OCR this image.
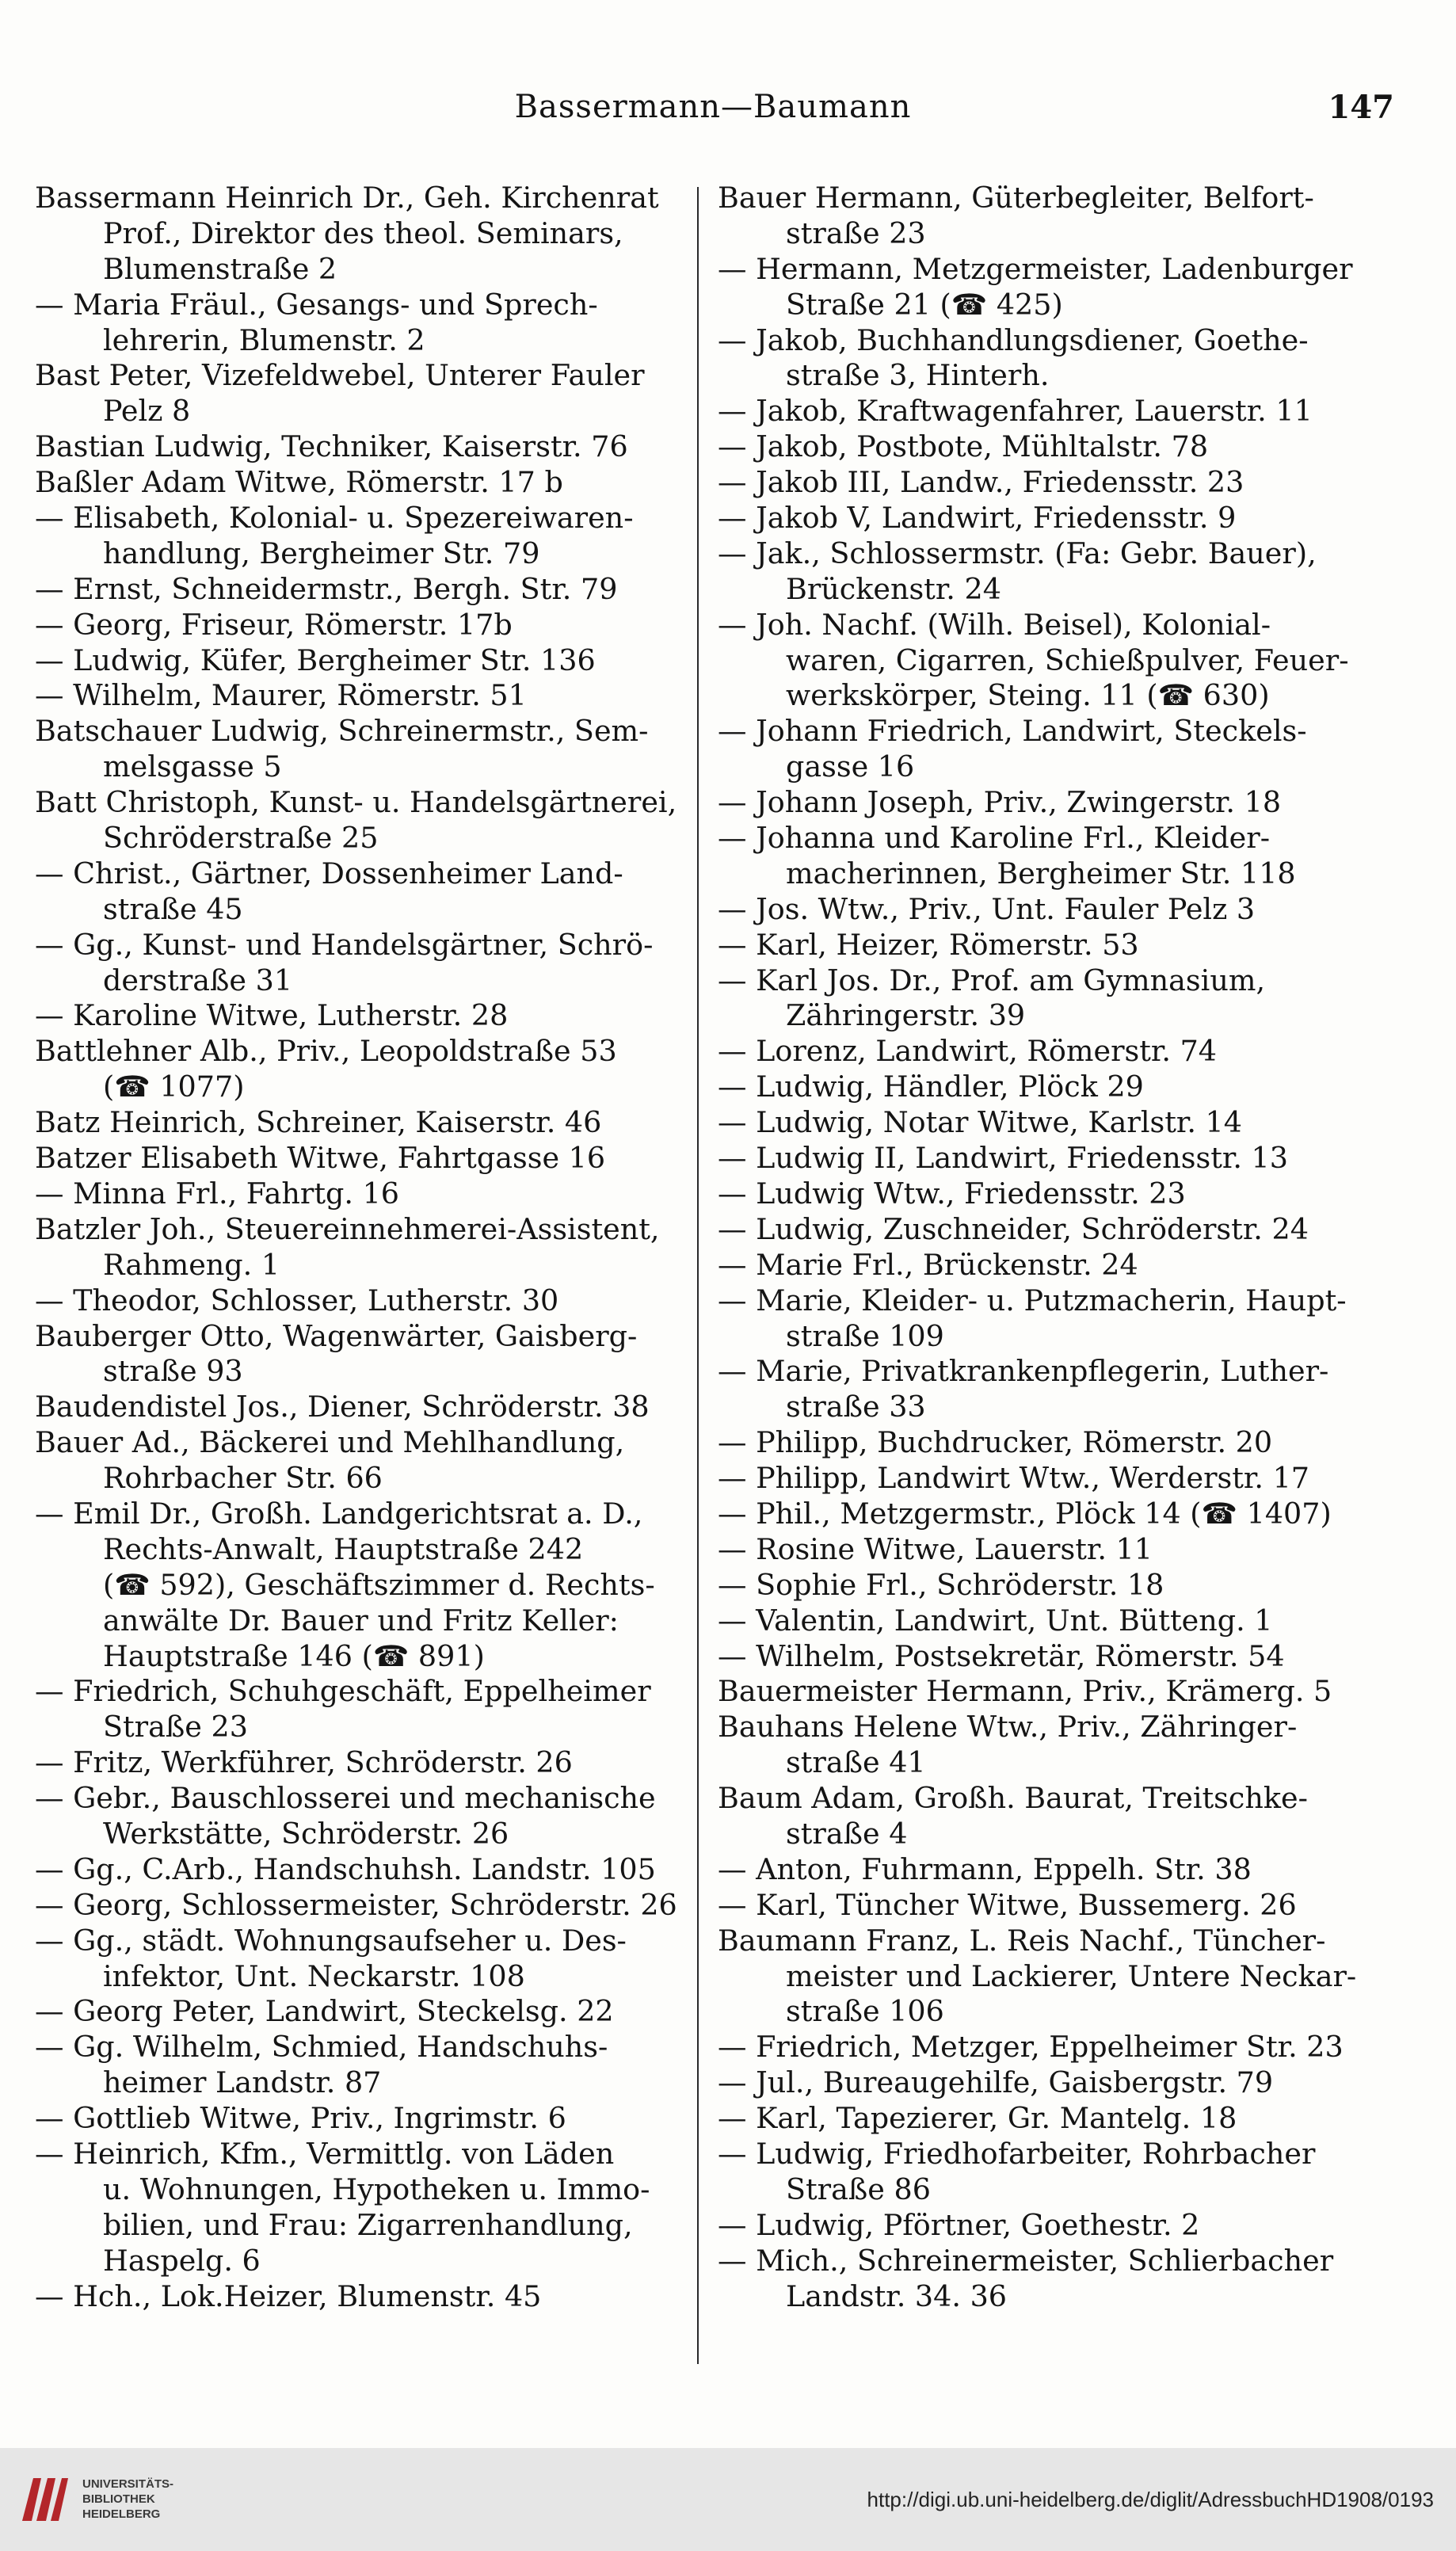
Bassermann—Baumann	147
Bassermann Heinrich Dr., Geh. Kirchenrat
Prof., Direktor des theol. Seminars,
Blumenstraße 2
— Maria Fräul., Gesangs- und Sprech-
lehrerin, Blumenstr. 2
Bast Peter, Vizefeldwebel, Unterer Fauler
Pelz 8
Bastian Ludwig, Techniker, Kaiserstr. 76
Baßler Adam Witwe, Römerstr. 17 b
— Elisabeth, Kolonial- u. Spezereiwaren-
handlung, Bergheimer Str. 79
— Ernst, Schneidermstr., Bergh. Str. 79
— Georg, Friseur, Römerstr. 17b
— Ludwig, Küfer, Bergheimer Str. 136
— Wilhelm, Maurer, Römerstr. 51
Batschauer Ludwig, Schreinermstr., Sem-
melsgasse 5
Batt Christoph, Kunst- u. Handelsgärtnerei,
Schröderstraße 25
— Christ., Gärtner, Dossenheimer Land-
straße 45
— Gg., Kunst- und Handelsgärtner, Schrö-
derstraße 31
— Karoline Witwe, Lutherstr. 28
Battlehner Alb., Priv., Leopoldstraße 53
(☎ 1077)
Batz Heinrich, Schreiner, Kaiserstr. 46
Batzer Elisabeth Witwe, Fahrtgasse 16
— Minna Frl., Fahrtg. 16
Batzler Joh., Steuereinnehmerei-Assistent,
Rahmeng. 1
— Theodor, Schlosser, Lutherstr. 30
Bauberger Otto, Wagenwärter, Gaisberg-
straße 93
Baudendistel Jos., Diener, Schröderstr. 38
Bauer Ad., Bäckerei und Mehlhandlung,
Rohrbacher Str. 66
— Emil Dr., Großh. Landgerichtsrat a. D.,
Rechts-Anwalt, Hauptstraße 242
(☎ 592), Geschäftszimmer d. Rechts-
anwälte Dr. Bauer und Fritz Keller:
Hauptstraße 146 (☎ 891)
— Friedrich, Schuhgeschäft, Eppelheimer
Straße 23
— Fritz, Werkführer, Schröderstr. 26
— Gebr., Bauschlosserei und mechanische
Werkstätte, Schröderstr. 26
— Gg., C.Arb., Handschuhsh. Landstr. 105
— Georg, Schlossermeister, Schröderstr. 26
— Gg., städt. Wohnungsaufseher u. Des-
infektor, Unt. Neckarstr. 108
— Georg Peter, Landwirt, Steckelsg. 22
— Gg. Wilhelm, Schmied, Handschuhs-
heimer Landstr. 87
— Gottlieb Witwe, Priv., Ingrimstr. 6
— Heinrich, Kfm., Vermittlg. von Läden
u. Wohnungen, Hypotheken u. Immo-
bilien, und Frau: Zigarrenhandlung,
Haspelg. 6
— Hch., Lok.Heizer, Blumenstr. 45
Bauer Hermann, Güterbegleiter, Belfort-
straße 23
— Hermann, Metzgermeister, Ladenburger
Straße 21 (☎ 425)
— Jakob, Buchhandlungsdiener, Goethe-
straße 3, Hinterh.
— Jakob, Kraftwagenfahrer, Lauerstr. 11
— Jakob, Postbote, Mühltalstr. 78
— Jakob III, Landw., Friedensstr. 23
— Jakob V, Landwirt, Friedensstr. 9
— Jak., Schlossermstr. (Fa: Gebr. Bauer),
Brückenstr. 24
— Joh. Nachf. (Wilh. Beisel), Kolonial-
waren, Cigarren, Schießpulver, Feuer-
werkskörper, Steing. 11 (☎ 630)
— Johann Friedrich, Landwirt, Steckels-
gasse 16
— Johann Joseph, Priv., Zwingerstr. 18
— Johanna und Karoline Frl., Kleider-
macherinnen, Bergheimer Str. 118
— Jos. Wtw., Priv., Unt. Fauler Pelz 3
— Karl, Heizer, Römerstr. 53
— Karl Jos. Dr., Prof. am Gymnasium,
Zähringerstr. 39
— Lorenz, Landwirt, Römerstr. 74
— Ludwig, Händler, Plöck 29
— Ludwig, Notar Witwe, Karlstr. 14
— Ludwig II, Landwirt, Friedensstr. 13
— Ludwig Wtw., Friedensstr. 23
— Ludwig, Zuschneider, Schröderstr. 24
— Marie Frl., Brückenstr. 24
— Marie, Kleider- u. Putzmacherin, Haupt-
straße 109
— Marie, Privatkrankenpflegerin, Luther-
straße 33
— Philipp, Buchdrucker, Römerstr. 20
— Philipp, Landwirt Wtw., Werderstr. 17
— Phil., Metzgermstr., Plöck 14 (☎ 1407)
— Rosine Witwe, Lauerstr. 11
— Sophie Frl., Schröderstr. 18
— Valentin, Landwirt, Unt. Bütteng. 1
— Wilhelm, Postsekretär, Römerstr. 54
Bauermeister Hermann, Priv., Krämerg. 5
Bauhans Helene Wtw., Priv., Zähringer-
straße 41
Baum Adam, Großh. Baurat, Treitschke-
straße 4
— Anton, Fuhrmann, Eppelh. Str. 38
— Karl, Tüncher Witwe, Bussemerg. 26
Baumann Franz, L. Reis Nachf., Tüncher-
meister und Lackierer, Untere Neckar-
straße 106
— Friedrich, Metzger, Eppelheimer Str. 23
— Jul., Bureaugehilfe, Gaisbergstr. 79
— Karl, Tapezierer, Gr. Mantelg. 18
— Ludwig, Friedhofarbeiter, Rohrbacher
Straße 86
— Ludwig, Pförtner, Goethestr. 2
— Mich., Schreinermeister, Schlierbacher
Landstr. 34. 36
UNIVERSITÄTS-
BIBLIOTHEK
HEIDELBERG
http://digi.ub.uni-heidelberg.de/diglit/AdressbuchHD1908/0193
